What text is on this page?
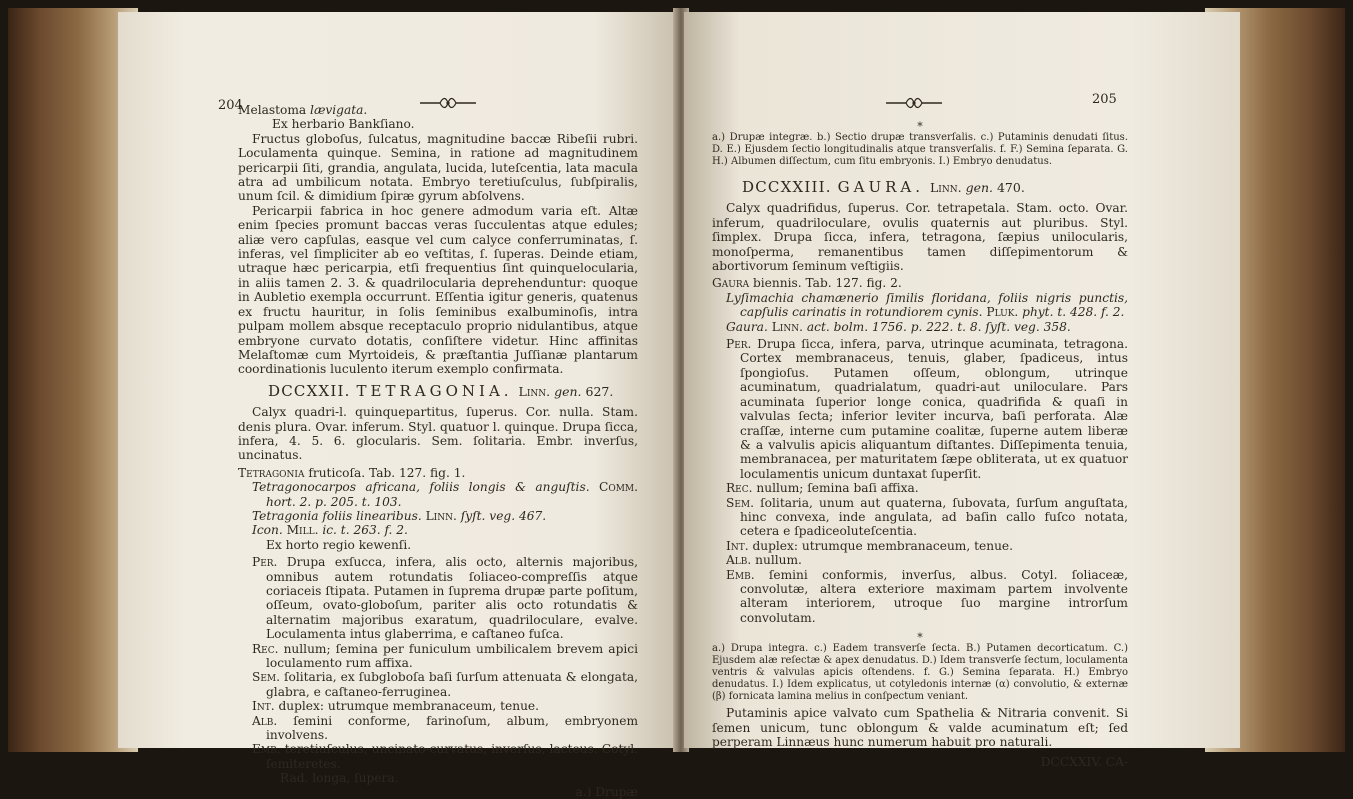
204

Melastoma lævigata.

Ex herbario Bankſiano.

Fructus globoſus, ſulcatus, magnitudine baccæ Ribeſii rubri. Loculamenta quinque. Semina, in ratione ad magnitudinem pericarpii ſiti, grandia, angulata, lucida, luteſcentia, lata macula atra ad umbilicum notata. Embryo teretiuſculus, ſubſpiralis, unum ſcil. & dimidium ſpiræ gyrum abſolvens.

Pericarpii fabrica in hoc genere admodum varia eſt. Altæ enim ſpecies promunt baccas veras ſucculentas atque edules; aliæ vero capſulas, easque vel cum calyce conferruminatas, ſ. inferas, vel ſimpliciter ab eo veſtitas, ſ. ſuperas. Deinde etiam, utraque hæc pericarpia, etſi frequentius ſint quinquelocularia, in aliis tamen 2. 3. & quadrilocularia deprehenduntur: quoque in Aubletio exempla occurrunt. Eſſentia igitur generis, quatenus ex fructu hauritur, in ſolis ſeminibus exalbuminoſis, intra pulpam mollem absque receptaculo proprio nidulantibus, atque embryone curvato dotatis, conſiſtere videtur. Hinc affinitas Melaſtomæ cum Myrtoideis, & præſtantia Juſſianæ plantarum coordinationis luculento iterum exemplo confirmata.

DCCXXII. TETRAGONIA. Linn. gen. 627.

Calyx quadri-l. quinquepartitus, ſuperus. Cor. nulla. Stam. denis plura. Ovar. inferum. Styl. quatuor l. quinque. Drupa ſicca, infera, 4. 5. 6. glocularis. Sem. ſolitaria. Embr. inverſus, uncinatus.

Tetragonia fruticoſa. Tab. 127. fig. 1.

Tetragonocarpos africana, foliis longis & anguſtis. Comm. hort. 2. p. 205. t. 103.

Tetragonia foliis linearibus. Linn. ſyſt. veg. 467.

Icon. Mill. ic. t. 263. f. 2.

Ex horto regio kewenſi.

Per. Drupa exſucca, infera, alis octo, alternis majoribus, omnibus autem rotundatis ſoliaceo-compreſſis atque coriaceis ſtipata. Putamen in ſuprema drupæ parte poſitum, oſſeum, ovato-globoſum, pariter alis octo rotundatis & alternatim majoribus exaratum, quadriloculare, evalve. Loculamenta intus glaberrima, e caſtaneo fuſca.

Rec. nullum; ſemina per funiculum umbilicalem brevem apici loculamento rum affixa.

Sem. ſolitaria, ex ſubgloboſa baſi ſurſum attenuata & elongata, glabra, e caſtaneo-ferruginea.

Int. duplex: utrumque membranaceum, tenue.

Alb. ſemini conforme, farinoſum, album, embryonem involvens.

Emb. teretiuſculus, uncinato-curvatus, inverſus, lacteus. Cotyl. ſemiteretes.

Rad. longa, ſupera.

a.) Drupæ

205

*

a.) Drupæ integræ. b.) Sectio drupæ transverſalis. c.) Putaminis denudati ſitus. D. E.) Ejusdem ſectio longitudinalis atque transverſalis. f. F.) Semina ſeparata. G. H.) Albumen diſſectum, cum ſitu embryonis. I.) Embryo denudatus.

DCCXXIII. GAURA. Linn. gen. 470.

Calyx quadrifidus, ſuperus. Cor. tetrapetala. Stam. octo. Ovar. inferum, quadriloculare, ovulis quaternis aut pluribus. Styl. ſimplex. Drupa ſicca, infera, tetragona, ſæpius unilocularis, monoſperma, remanentibus tamen diſſepimentorum & abortivorum ſeminum veſtigiis.

Gaura biennis. Tab. 127. fig. 2.

Lyſimachia chamænerio ſimilis floridana, foliis nigris punctis, capſulis carinatis in rotundiorem cynis. Pluk. phyt. t. 428. f. 2.

Gaura. Linn. act. bolm. 1756. p. 222. t. 8. ſyſt. veg. 358.

Per. Drupa ſicca, infera, parva, utrinque acuminata, tetragona. Cortex membranaceus, tenuis, glaber, ſpadiceus, intus ſpongioſus. Putamen oſſeum, oblongum, utrinque acuminatum, quadrialatum, quadri-aut uniloculare. Pars acuminata ſuperior longe conica, quadrifida & quaſi in valvulas ſecta; inferior leviter incurva, baſi perforata. Alæ craſſæ, interne cum putamine coalitæ, ſuperne autem liberæ & a valvulis apicis aliquantum diſtantes. Diſſepimenta tenuia, membranacea, per maturitatem ſæpe obliterata, ut ex quatuor loculamentis unicum duntaxat ſuperſit.

Rec. nullum; ſemina baſi affixa.

Sem. ſolitaria, unum aut quaterna, ſubovata, ſurſum anguſtata, hinc convexa, inde angulata, ad baſin callo fuſco notata, cetera e ſpadiceoluteſcentia.

Int. duplex: utrumque membranaceum, tenue.

Alb. nullum.

Emb. ſemini conformis, inverſus, albus. Cotyl. ſoliaceæ, convolutæ, altera exteriore maximam partem involvente alteram interiorem, utroque ſuo margine introrſum convolutam.

*

a.) Drupa integra. c.) Eadem transverſe ſecta. B.) Putamen decorticatum. C.) Ejusdem alæ reſectæ & apex denudatus. D.) Idem transverſe ſectum, loculamenta ventris & valvulas apicis oſtendens. f. G.) Semina ſeparata. H.) Embryo denudatus. I.) Idem explicatus, ut cotyledonis internæ (α) convolutio, & externæ (β) fornicata lamina melius in conſpectum veniant.

Putaminis apice valvato cum Spathelia & Nitraria convenit. Si ſemen unicum, tunc oblongum & valde acuminatum eſt; ſed perperam Linnæus hunc numerum habuit pro naturali.

DCCXXIV. CA-
